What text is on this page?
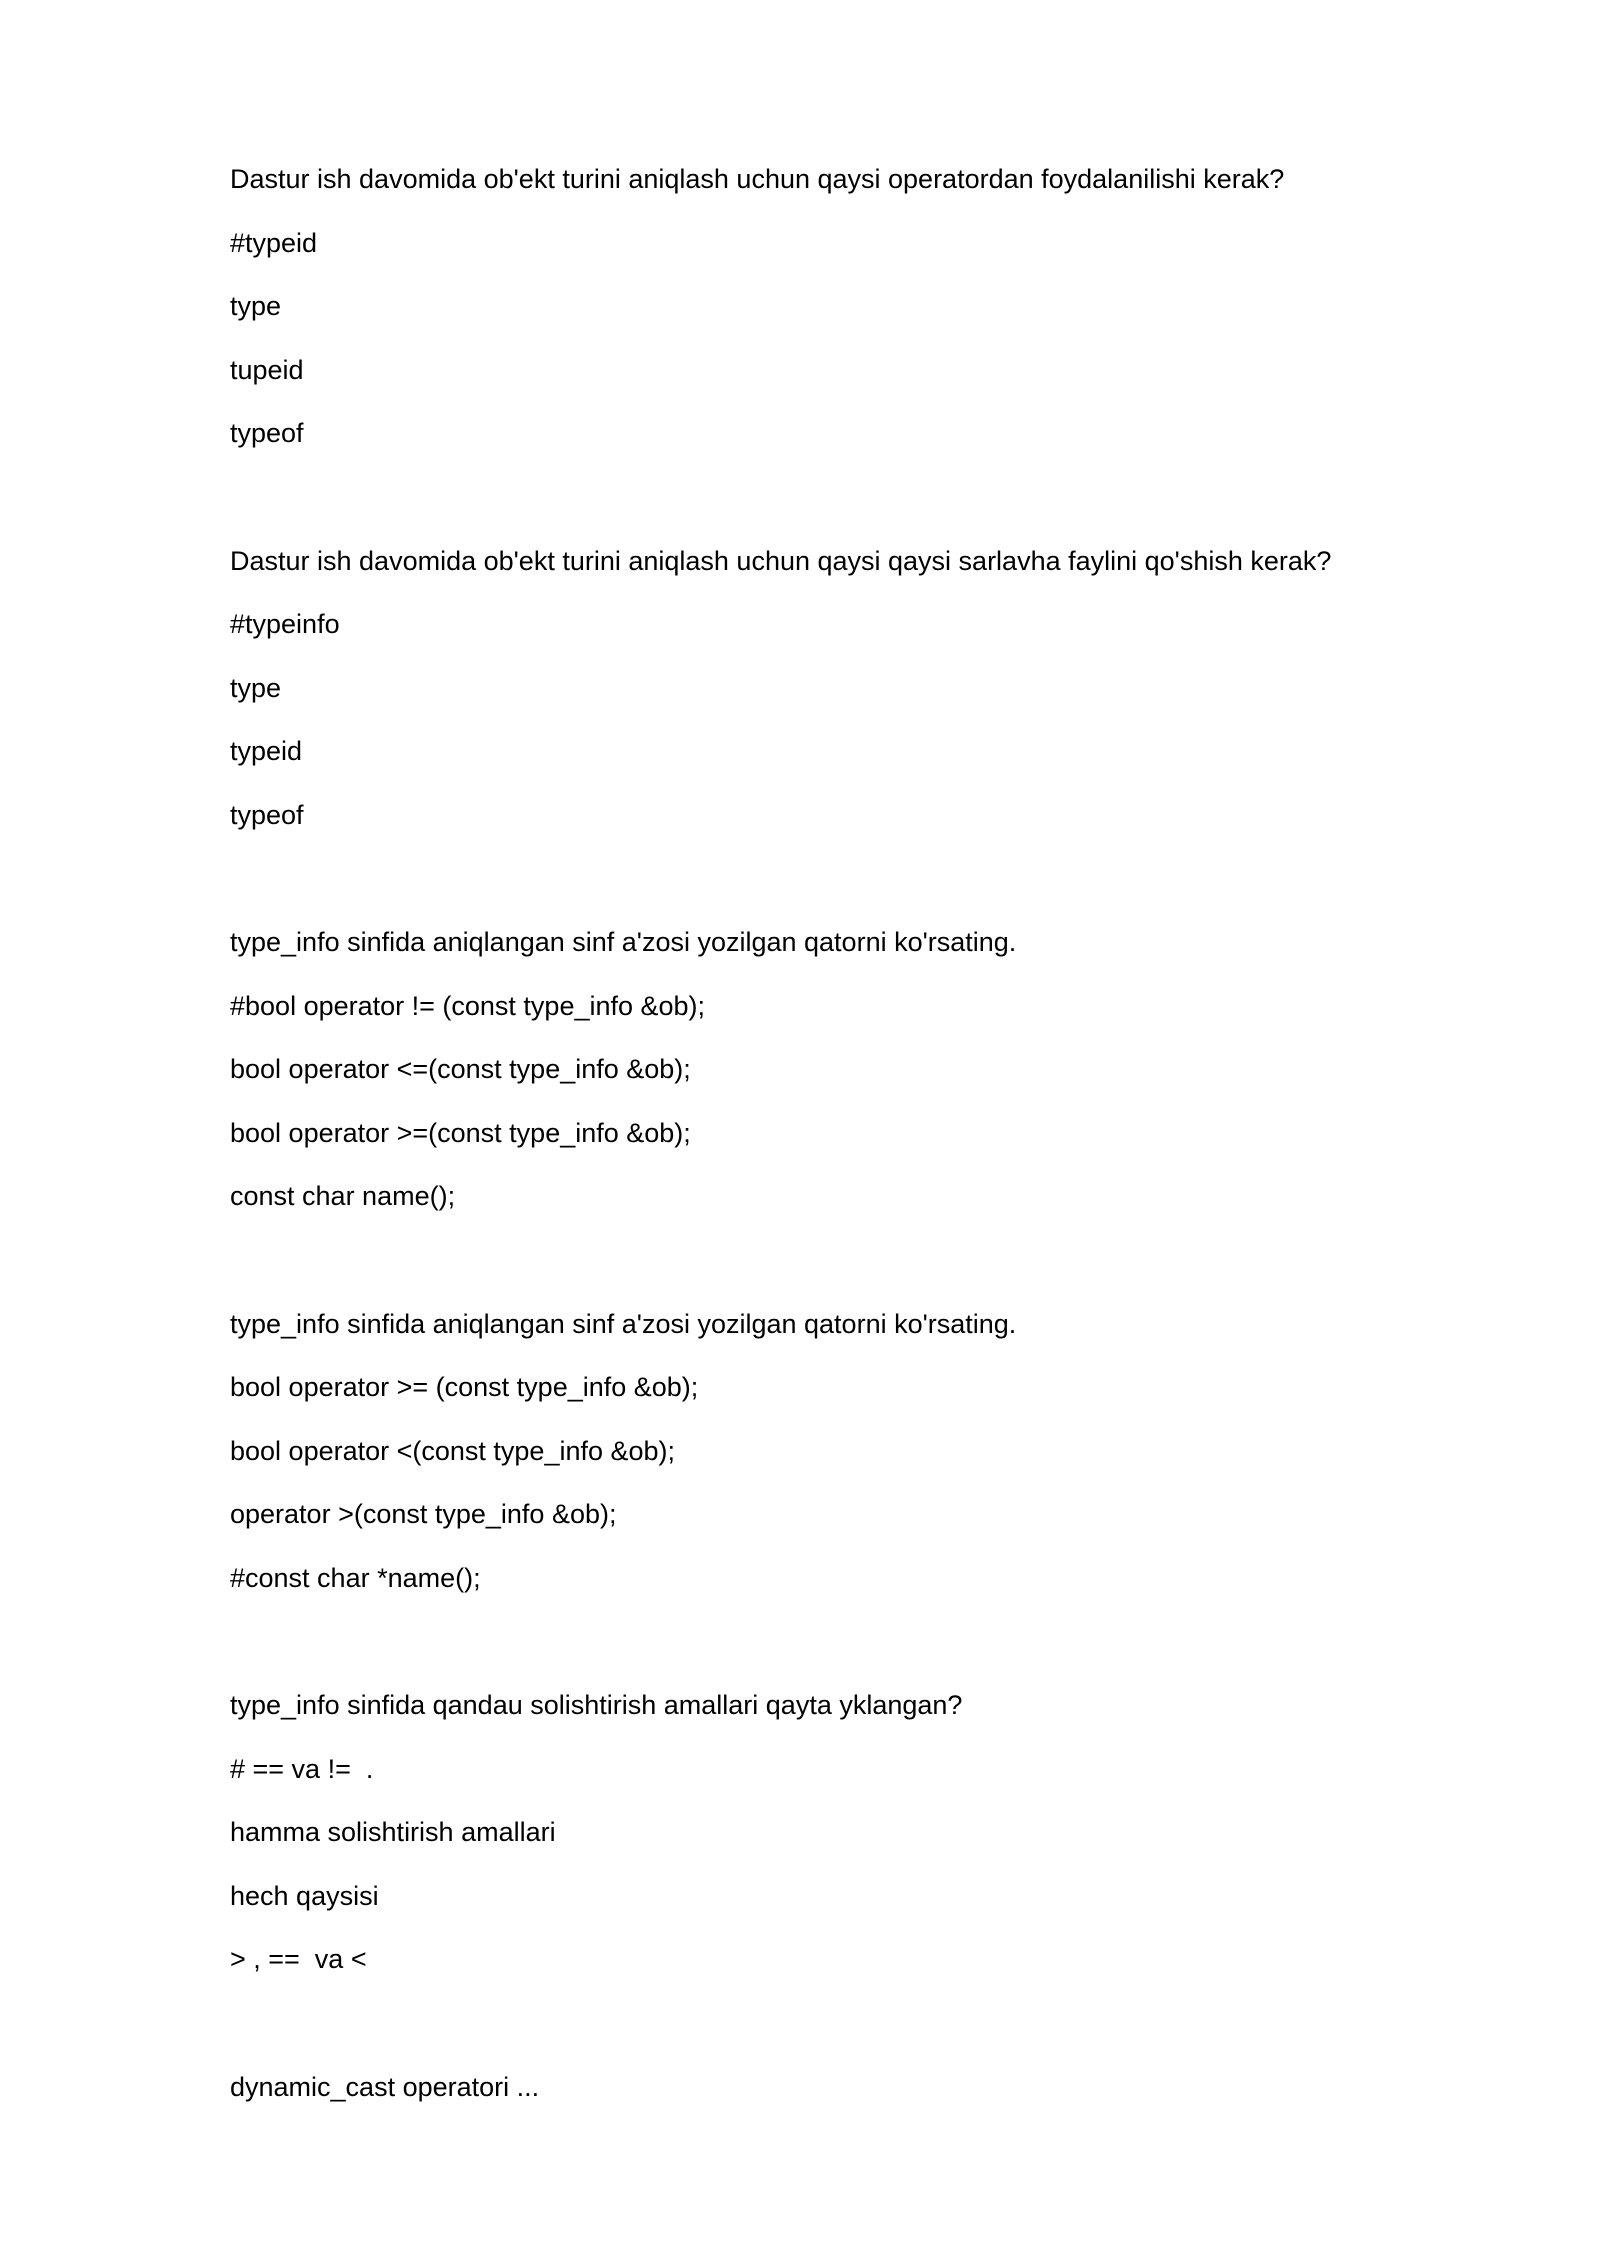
Dastur ish davomida ob'ekt turini aniqlash uchun qaysi operatordan foydalanilishi kerak?
#typeid
type
tupeid
typeof
Dastur ish davomida ob'ekt turini aniqlash uchun qaysi qaysi sarlavha faylini qo'shish kerak?
#typeinfo
type
typeid
typeof
type_info sinfida aniqlangan sinf a'zosi yozilgan qatorni ko'rsating.
#bool operator != (const type_info &ob);
bool operator <=(const type_info &ob);
bool operator >=(const type_info &ob);
const char name();
type_info sinfida aniqlangan sinf a'zosi yozilgan qatorni ko'rsating.
bool operator >= (const type_info &ob);
bool operator <(const type_info &ob);
operator >(const type_info &ob);
#const char *name();
type_info sinfida qandau solishtirish amallari qayta yklangan?
# == va !=  .
hamma solishtirish amallari
hech qaysisi
> , ==  va <
dynamic_cast operatori ...
